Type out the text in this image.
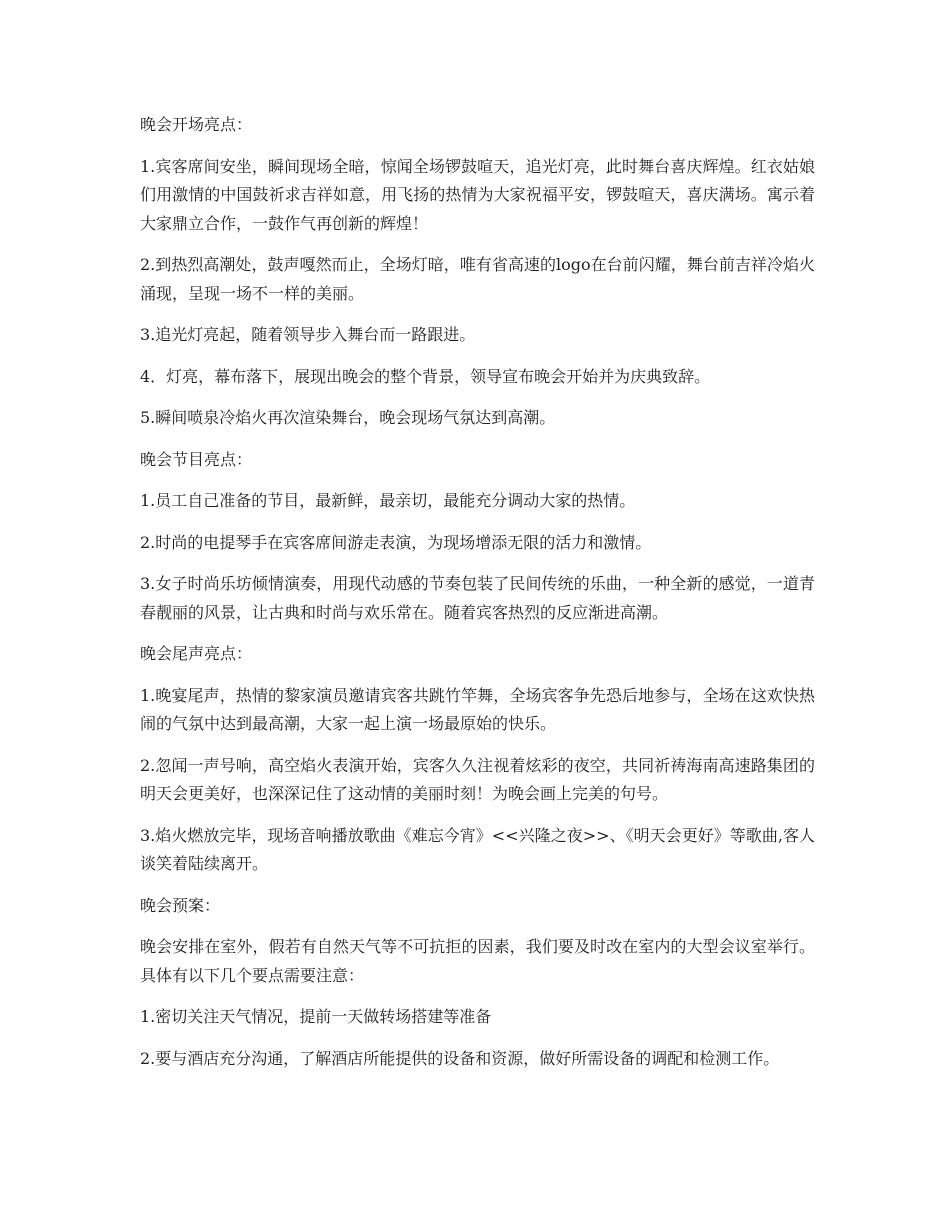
晚会开场亮点：

1.宾客席间安坐，瞬间现场全暗，惊闻全场锣鼓喧天，追光灯亮，此时舞台喜庆辉煌。红衣姑娘们用激情的中国鼓祈求吉祥如意，用飞扬的热情为大家祝福平安，锣鼓喧天，喜庆满场。寓示着大家鼎立合作，一鼓作气再创新的辉煌！

2.到热烈高潮处，鼓声嘎然而止，全场灯暗，唯有省高速的logo在台前闪耀，舞台前吉祥冷焰火涌现，呈现一场不一样的美丽。

3.追光灯亮起，随着领导步入舞台而一路跟进。

4．灯亮，幕布落下，展现出晚会的整个背景，领导宣布晚会开始并为庆典致辞。

5.瞬间喷泉冷焰火再次渲染舞台，晚会现场气氛达到高潮。

晚会节目亮点：

1.员工自己准备的节目，最新鲜，最亲切，最能充分调动大家的热情。

2.时尚的电提琴手在宾客席间游走表演，为现场增添无限的活力和激情。

3.女子时尚乐坊倾情演奏，用现代动感的节奏包装了民间传统的乐曲，一种全新的感觉，一道青春靓丽的风景，让古典和时尚与欢乐常在。随着宾客热烈的反应渐进高潮。

晚会尾声亮点：

1.晚宴尾声，热情的黎家演员邀请宾客共跳竹竿舞，全场宾客争先恐后地参与，全场在这欢快热闹的气氛中达到最高潮，大家一起上演一场最原始的快乐。

2.忽闻一声号响，高空焰火表演开始，宾客久久注视着炫彩的夜空，共同祈祷海南高速路集团的明天会更美好，也深深记住了这动情的美丽时刻！为晚会画上完美的句号。

3.焰火燃放完毕，现场音响播放歌曲《难忘今宵》<<兴隆之夜>>、《明天会更好》等歌曲,客人谈笑着陆续离开。

晚会预案：

晚会安排在室外，假若有自然天气等不可抗拒的因素，我们要及时改在室内的大型会议室举行。具体有以下几个要点需要注意：

1.密切关注天气情况，提前一天做转场搭建等准备

2.要与酒店充分沟通，了解酒店所能提供的设备和资源，做好所需设备的调配和检测工作。
